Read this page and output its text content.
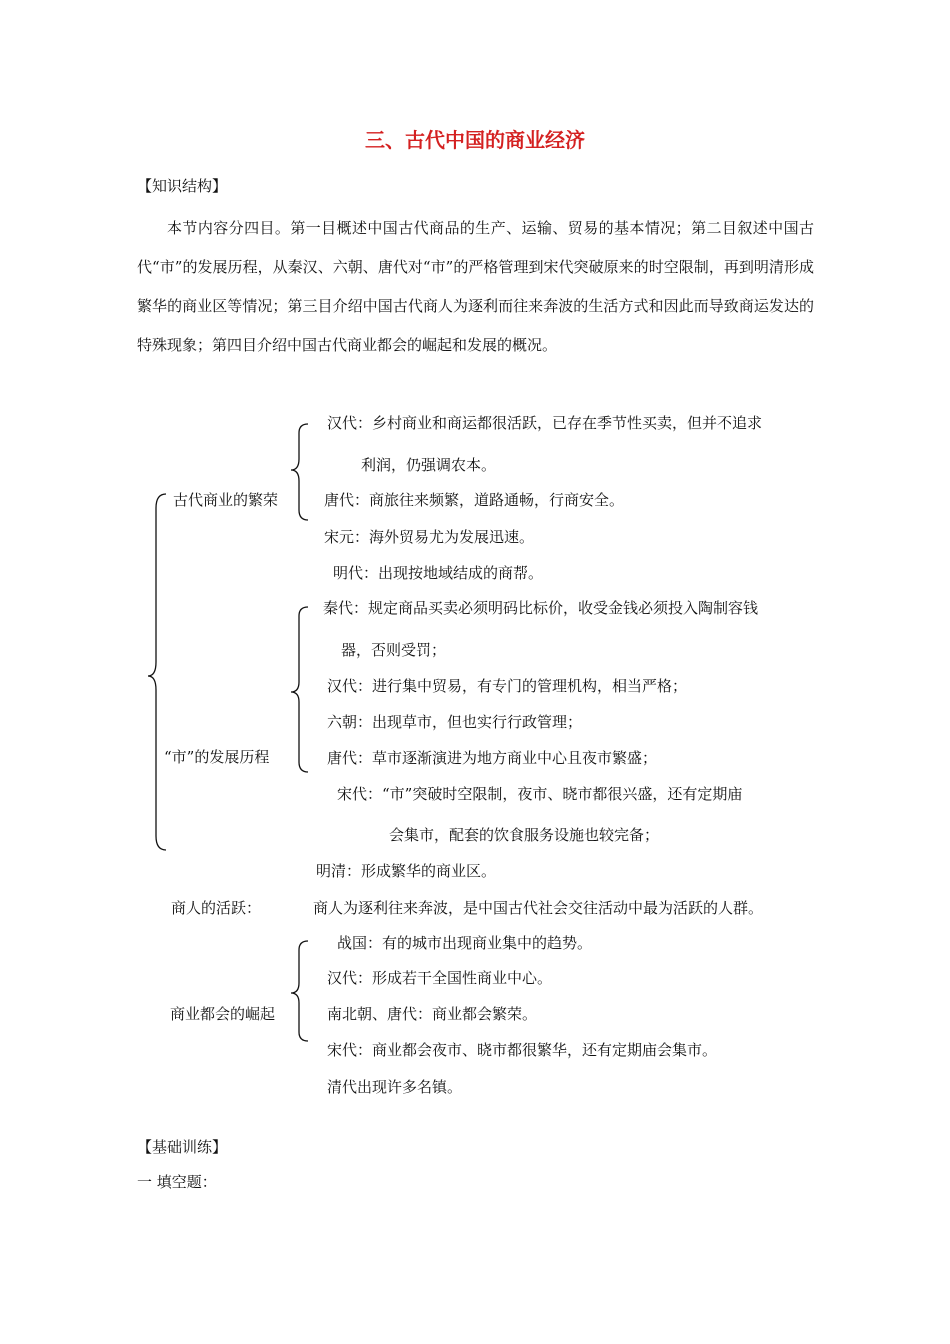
三、古代中国的商业经济
【知识结构】
本节内容分四目。第一目概述中国古代商品的生产、运输、贸易的基本情况；第二目叙述中国古代“市”的发展历程，从秦汉、六朝、唐代对“市”的严格管理到宋代突破原来的时空限制，再到明清形成繁华的商业区等情况；第三目介绍中国古代商人为逐利而往来奔波的生活方式和因此而导致商运发达的特殊现象；第四目介绍中国古代商业都会的崛起和发展的概况。
古代商业的繁荣
汉代：乡村商业和商运都很活跃，已存在季节性买卖，但并不追求
利润，仍强调农本。
唐代：商旅往来频繁，道路通畅，行商安全。
宋元：海外贸易尤为发展迅速。
明代：出现按地域结成的商帮。
“市”的发展历程
秦代：规定商品买卖必须明码比标价，收受金钱必须投入陶制容钱
器，否则受罚；
汉代：进行集中贸易，有专门的管理机构，相当严格；
六朝：出现草市，但也实行行政管理；
唐代：草市逐渐演进为地方商业中心且夜市繁盛；
宋代：“市”突破时空限制，夜市、晓市都很兴盛，还有定期庙
会集市，配套的饮食服务设施也较完备；
明清：形成繁华的商业区。
商人的活跃：	商人为逐利往来奔波，是中国古代社会交往活动中最为活跃的人群。
商业都会的崛起
战国：有的城市出现商业集中的趋势。
汉代：形成若干全国性商业中心。
南北朝、唐代：商业都会繁荣。
宋代：商业都会夜市、晓市都很繁华，还有定期庙会集市。
清代出现许多名镇。
【基础训练】
一 填空题：
